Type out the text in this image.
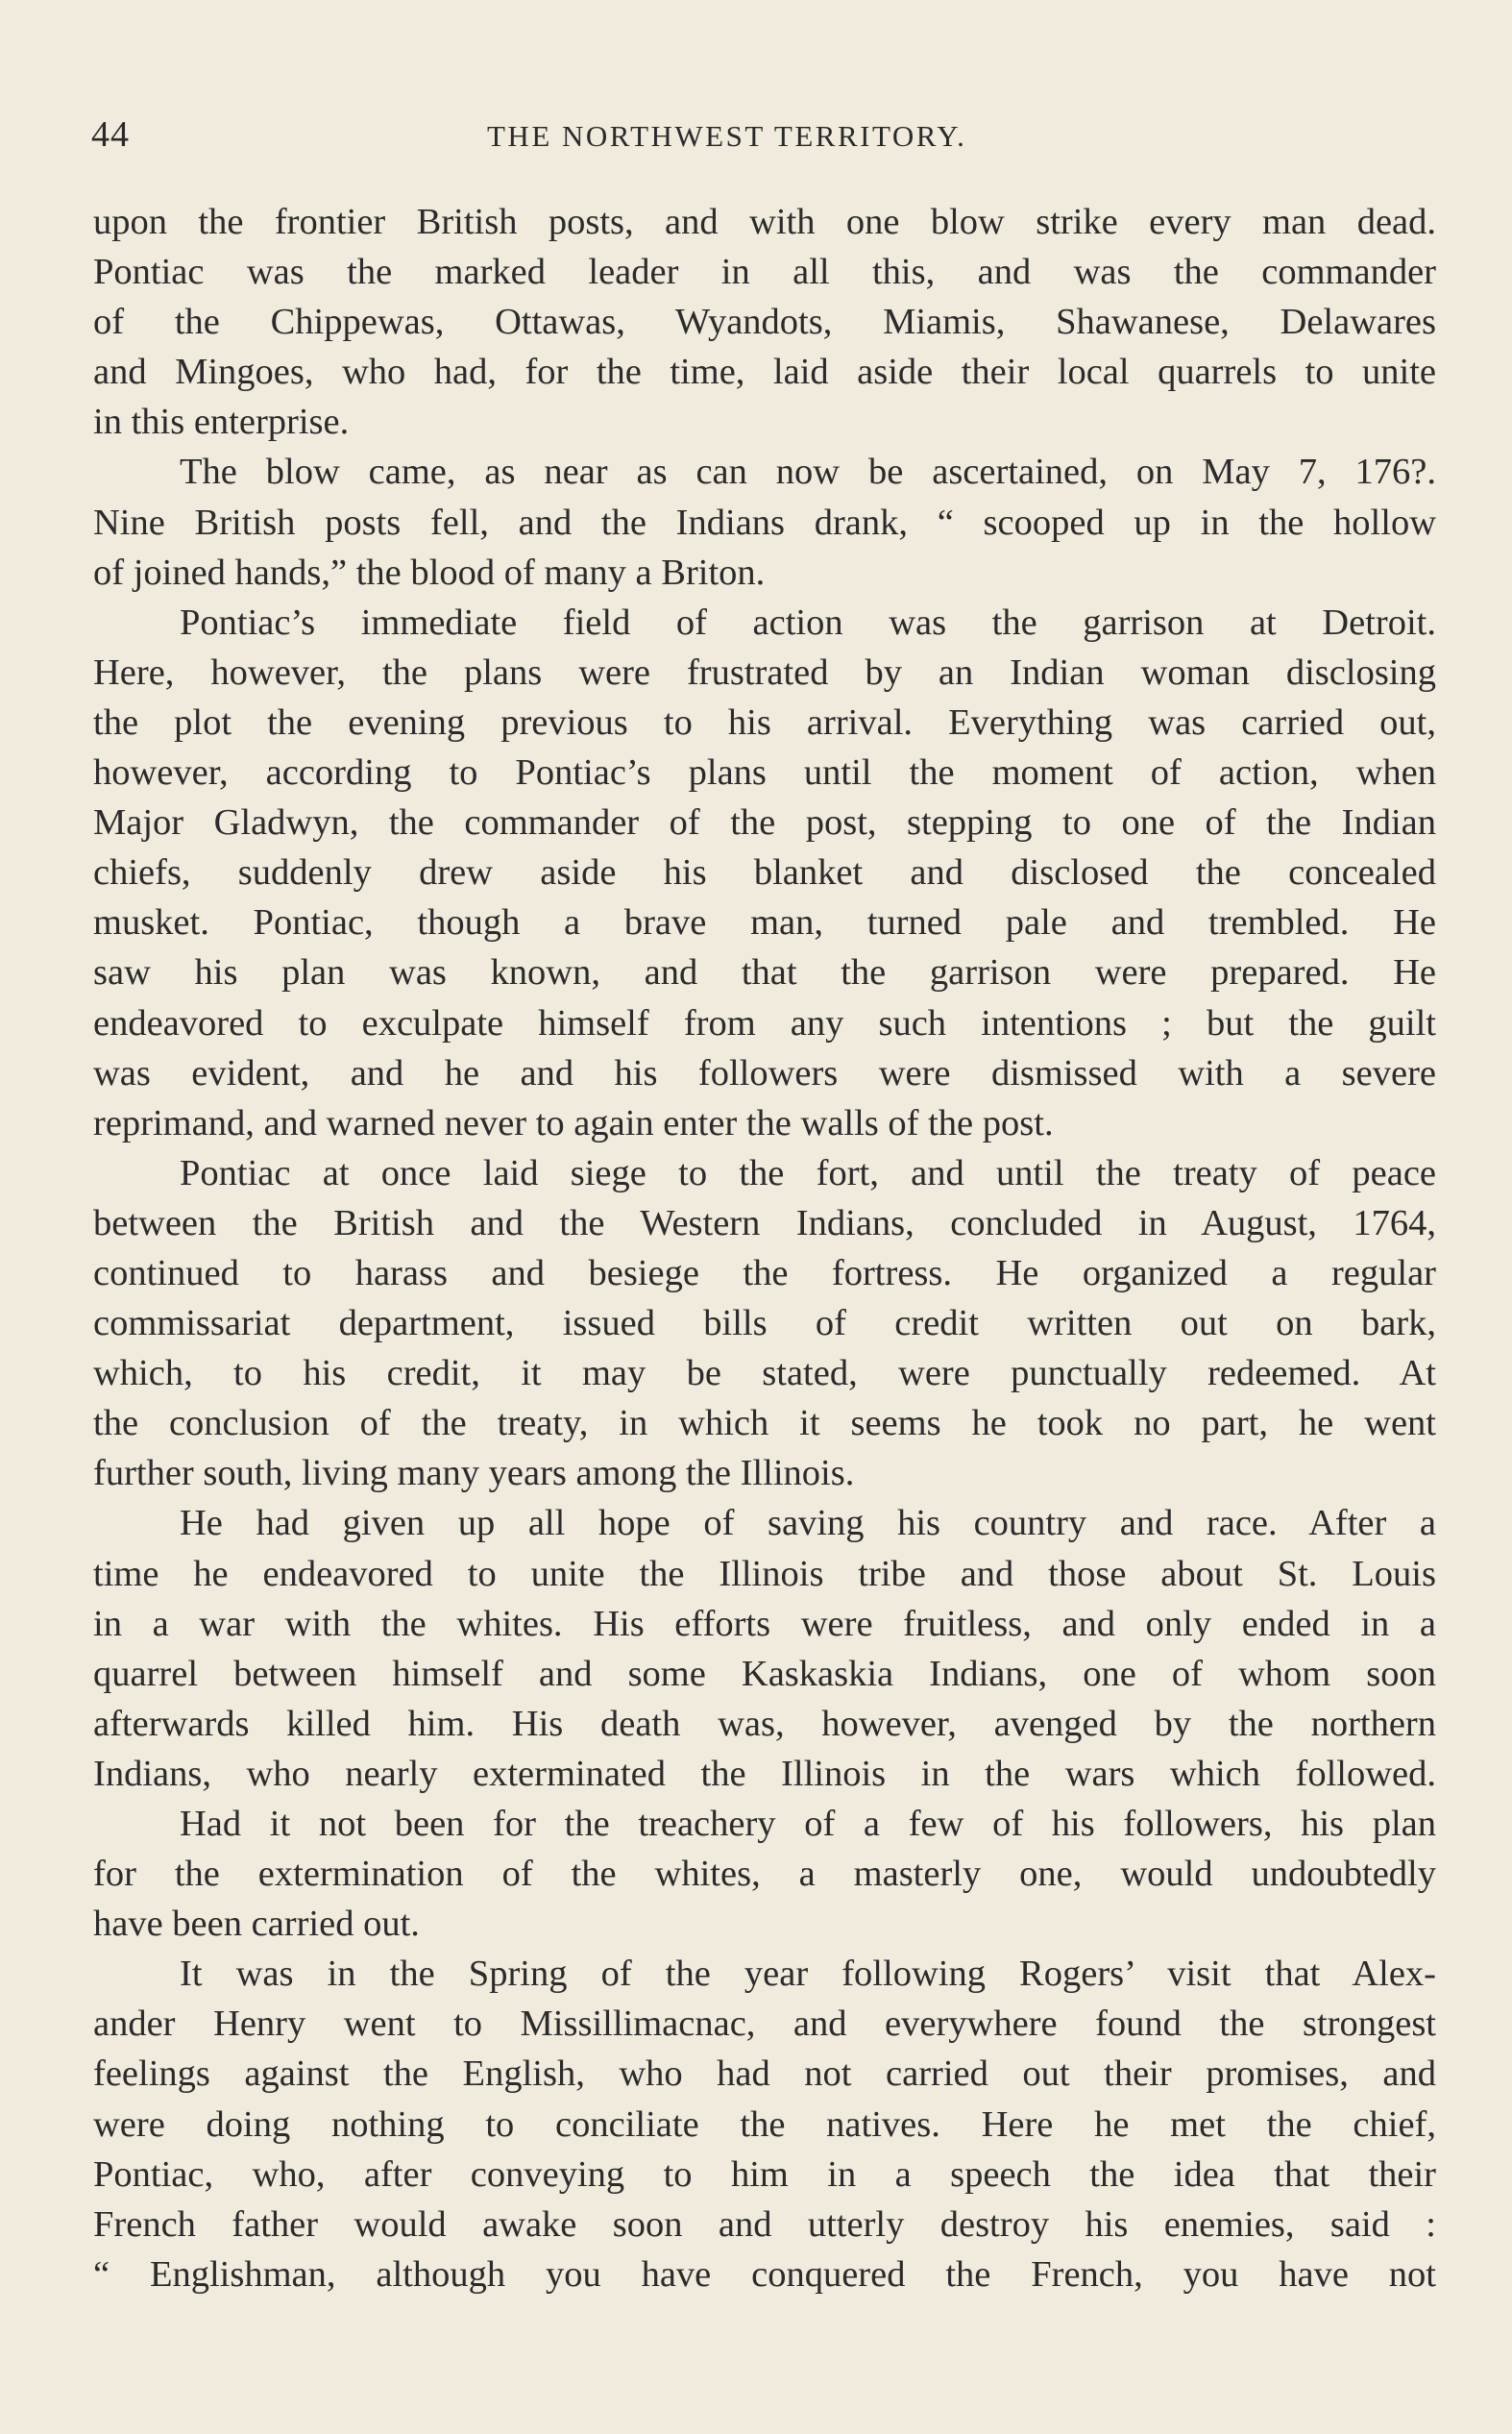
44	THE NORTHWEST TERRITORY.
upon the frontier British posts, and with one blow strike every man dead.
Pontiac was the marked leader in all this, and was the commander
of the Chippewas, Ottawas, Wyandots, Miamis, Shawanese, Delawares
and Mingoes, who had, for the time, laid aside their local quarrels to unite
in this enterprise.
The blow came, as near as can now be ascertained, on May 7, 176?.
Nine British posts fell, and the Indians drank, “ scooped up in the hollow
of joined hands,” the blood of many a Briton.
Pontiac’s immediate field of action was the garrison at Detroit.
Here, however, the plans were frustrated by an Indian woman disclosing
the plot the evening previous to his arrival. Everything was carried out,
however, according to Pontiac’s plans until the moment of action, when
Major Gladwyn, the commander of the post, stepping to one of the Indian
chiefs, suddenly drew aside his blanket and disclosed the concealed
musket. Pontiac, though a brave man, turned pale and trembled. He
saw his plan was known, and that the garrison were prepared. He
endeavored to exculpate himself from any such intentions ; but the guilt
was evident, and he and his followers were dismissed with a severe
reprimand, and warned never to again enter the walls of the post.
Pontiac at once laid siege to the fort, and until the treaty of peace
between the British and the Western Indians, concluded in August, 1764,
continued to harass and besiege the fortress. He organized a regular
commissariat department, issued bills of credit written out on bark,
which, to his credit, it may be stated, were punctually redeemed. At
the conclusion of the treaty, in which it seems he took no part, he went
further south, living many years among the Illinois.
He had given up all hope of saving his country and race. After a
time he endeavored to unite the Illinois tribe and those about St. Louis
in a war with the whites. His efforts were fruitless, and only ended in a
quarrel between himself and some Kaskaskia Indians, one of whom soon
afterwards killed him. His death was, however, avenged by the northern
Indians, who nearly exterminated the Illinois in the wars which followed.
Had it not been for the treachery of a few of his followers, his plan
for the extermination of the whites, a masterly one, would undoubtedly
have been carried out.
It was in the Spring of the year following Rogers’ visit that Alex-
ander Henry went to Missillimacnac, and everywhere found the strongest
feelings against the English, who had not carried out their promises, and
were doing nothing to conciliate the natives. Here he met the chief,
Pontiac, who, after conveying to him in a speech the idea that their
French father would awake soon and utterly destroy his enemies, said :
“ Englishman, although you have conquered the French, you have not
